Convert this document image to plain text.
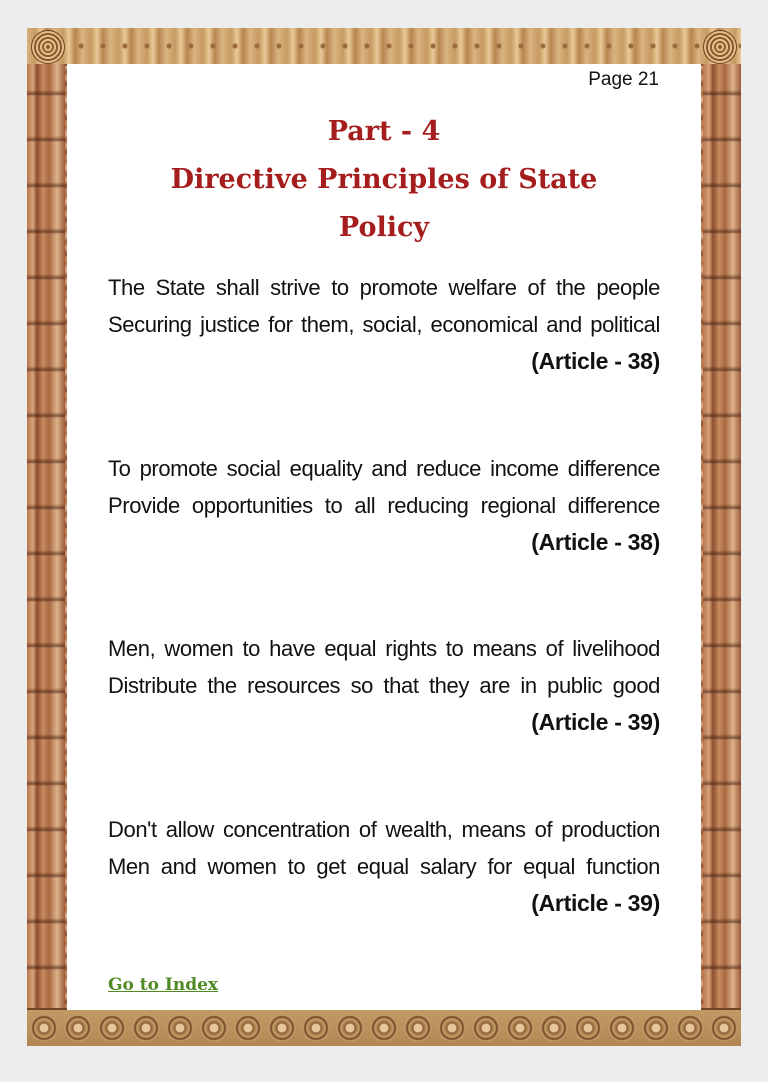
Page 21
Part - 4
Directive Principles of State
Policy
The State shall strive to promote welfare of the people
Securing justice for them, social, economical and political
(Article - 38)
To promote social equality and reduce income difference
Provide opportunities to all reducing regional difference
(Article - 38)
Men, women to have equal rights to means of livelihood
Distribute the resources so that they are in public good
(Article - 39)
Don't allow concentration of wealth, means of production
Men and women to get equal salary for equal function
(Article - 39)
Go to Index
